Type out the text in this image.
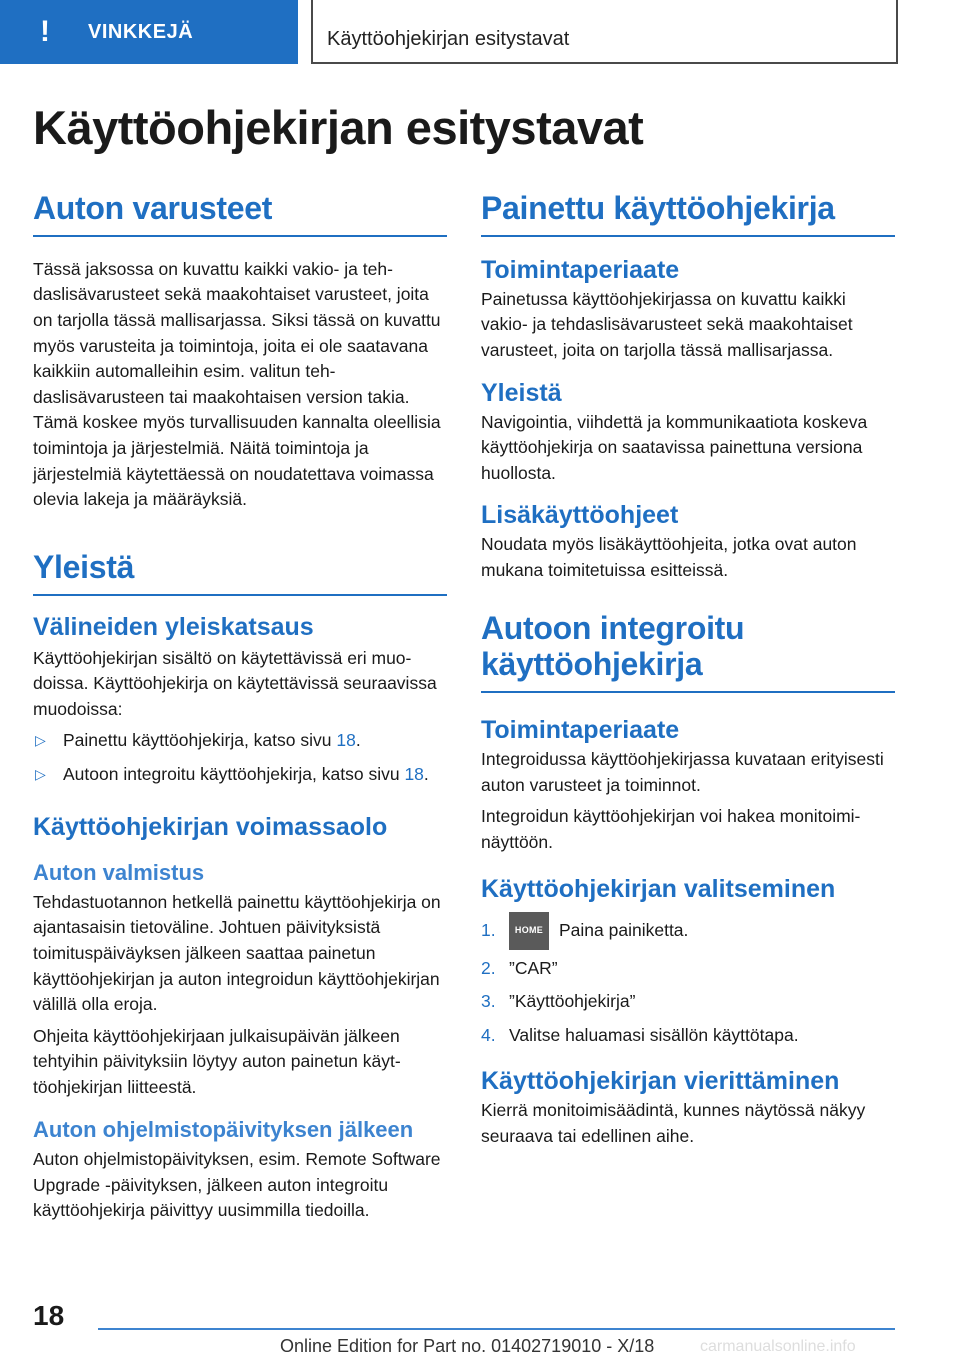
!	VINKKEJÄ	Käyttöohjekirjan esitystavat
Käyttöohjekirjan esitystavat
Auton varusteet

Tässä jaksossa on kuvattu kaikki vakio- ja tehdaslisävarusteet sekä maakohtaiset varusteet, joita on tarjolla tässä mallisarjassa. Siksi tässä on kuvattu myös varusteita ja toimintoja, joita ei ole saatavana kaikkiin automalleihin esim. valitun tehdaslisävarusteen tai maakohtaisen version takia. Tämä koskee myös turvallisuuden kannalta oleellisia toimintoja ja järjestelmiä. Näitä toimintoja ja järjestelmiä käytettäessä on noudatettava voimassa olevia lakeja ja määräyksiä.

Yleistä
Välineiden yleiskatsaus

Käyttöohjekirjan sisältö on käytettävissä eri muodoissa. Käyttöohjekirja on käytettävissä seuraavissa muodoissa:

▷ Painettu käyttöohjekirja, katso sivu 18.
▷ Autoon integroitu käyttöohjekirja, katso sivu 18.
Käyttöohjekirjan voimassaolo
Auton valmistus

Tehdastuotannon hetkellä painettu käyttöohjekirja on ajantasaisin tietoväline. Johtuen päivityksistä toimituspäiväyksen jälkeen saattaa painetun käyttöohjekirjan ja auton integroidun käyttöohjekirjan välillä olla eroja.

Ohjeita käyttöohjekirjaan julkaisupäivän jälkeen tehtyihin päivityksiin löytyy auton painetun käyttöohjekirjan liitteestä.

Auton ohjelmistopäivityksen jälkeen

Auton ohjelmistopäivityksen, esim. Remote Software Upgrade -päivityksen, jälkeen auton integroitu käyttöohjekirja päivittyy uusimmilla tiedoilla.

Painettu käyttöohjekirja
Toimintaperiaate

Painetussa käyttöohjekirjassa on kuvattu kaikki vakio- ja tehdaslisävarusteet sekä maakohtaiset varusteet, joita on tarjolla tässä mallisarjassa.

Yleistä

Navigointia, viihdettä ja kommunikaatiota koskeva käyttöohjekirja on saatavissa painettuna versiona huollosta.

Lisäkäyttöohjeet

Noudata myös lisäkäyttöohjeita, jotka ovat auton mukana toimitetuissa esitteissä.

Autoon integroitu käyttöohjekirja
Toimintaperiaate

Integroidussa käyttöohjekirjassa kuvataan erityisesti auton varusteet ja toiminnot.

Integroidun käyttöohjekirjan voi hakea monitoiminäyttöön.

Käyttöohjekirjan valitseminen
1.	HOME Paina painiketta.
2. ”CAR”
3. ”Käyttöohjekirja”
4. Valitse haluamasi sisällön käyttötapa.
Käyttöohjekirjan vierittäminen

Kierrä monitoimisäädintä, kunnes näytössä näkyy seuraava tai edellinen aihe.

18
Online Edition for Part no. 01402719010 - X/18	carmanualsonline.info
